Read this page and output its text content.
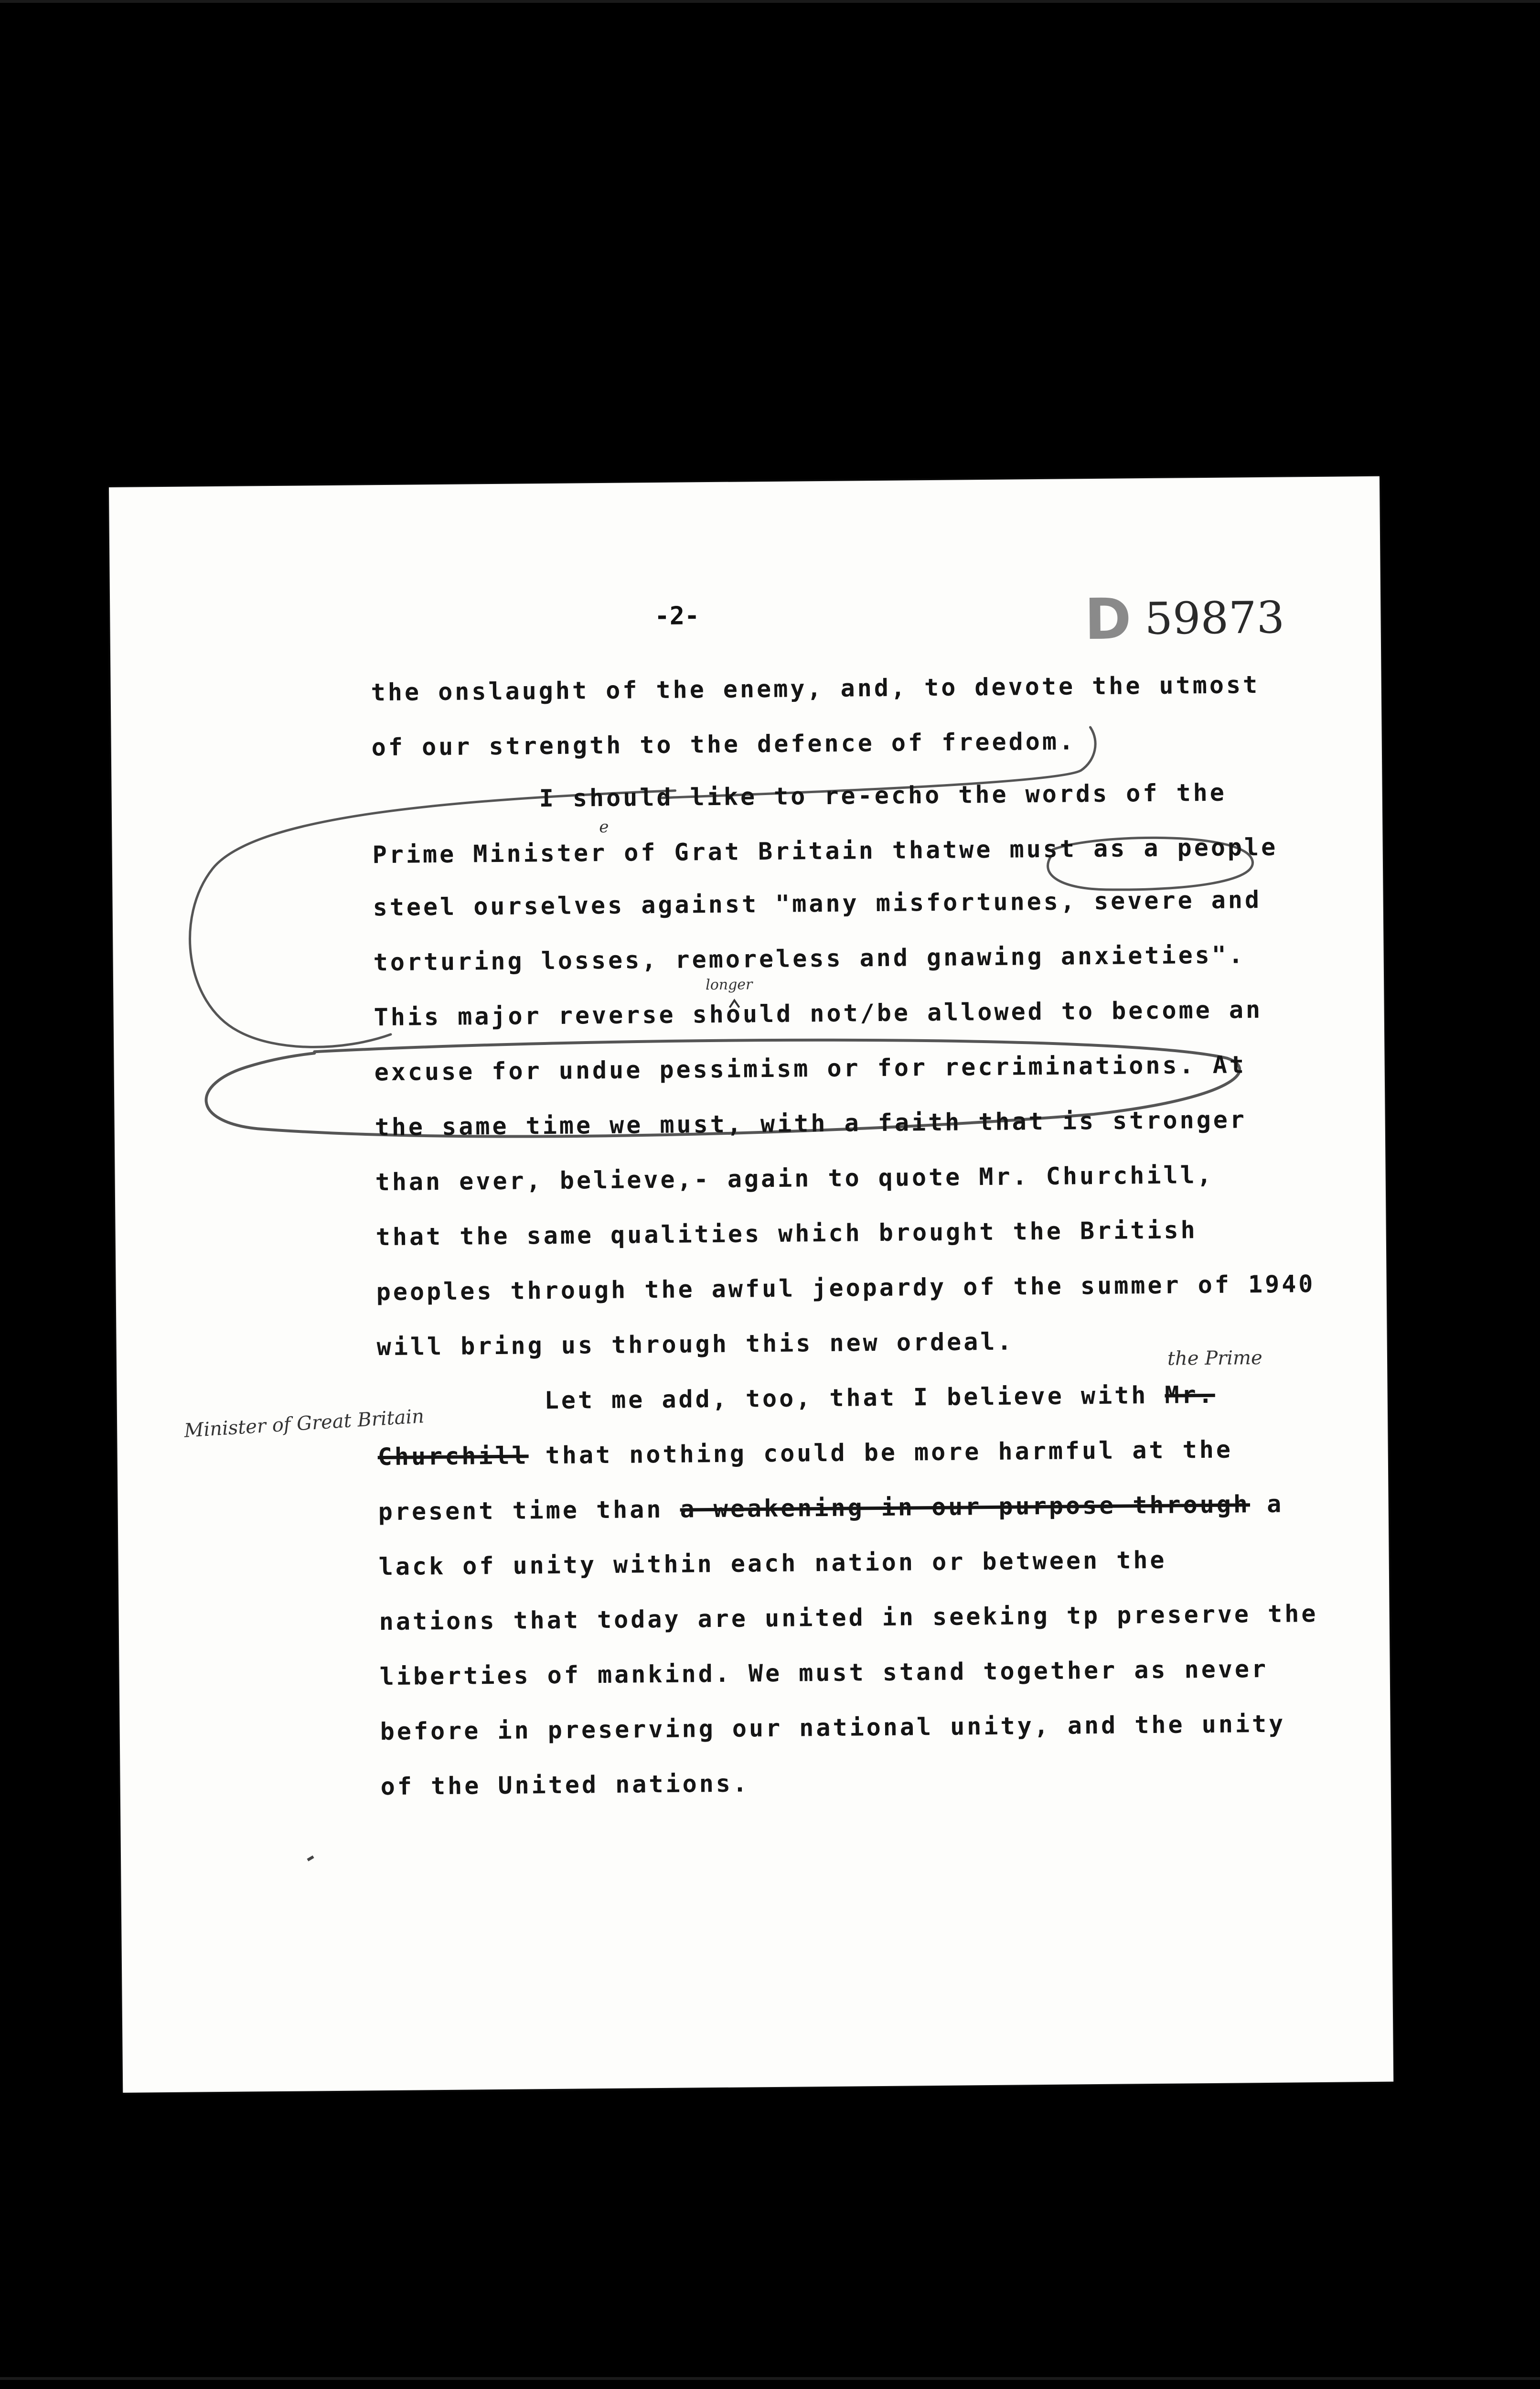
-2-	D 59873
the onslaught of the enemy, and, to devote the utmost
of our strength to the defence of freedom.
I should like to re-echo the words of the
Prime Minister of Grat Britain thatwe must as a people
steel ourselves against "many misfortunes, severe and
torturing losses, remoreless and gnawing anxieties".
This major reverse should not/be allowed to become an
excuse for undue pessimism or for recriminations. At
the same time we must, with a faith that is stronger
than ever, believe,- again to quote Mr. Churchill,
that the same qualities which brought the British
peoples through the awful jeopardy of the summer of 1940
will bring us through this new ordeal.
Let me add, too, that I believe with Mr.
Churchill that nothing could be more harmful at the
present time than a weakening in our purpose through a
lack of unity within each nation or between the
nations that today are united in seeking tp preserve the
liberties of mankind. We must stand together as never
before in preserving our national unity, and the unity
of the United nations.
e
longer
the Prime
Minister of Great Britain
